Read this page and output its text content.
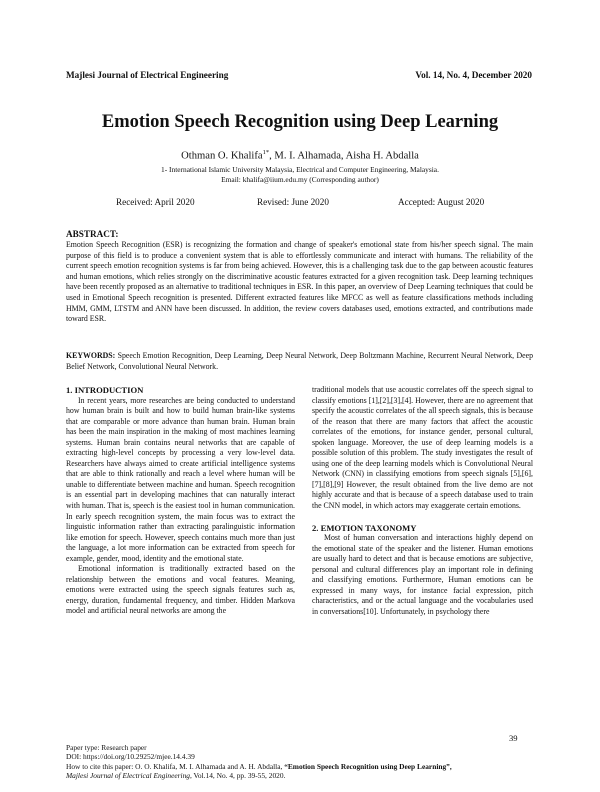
Majlesi Journal of Electrical Engineering	Vol. 14, No. 4, December 2020
Emotion Speech Recognition using Deep Learning
Othman O. Khalifa$^{1*}$, M. I. Alhamada, Aisha H. Abdalla
1- International Islamic University Malaysia, Electrical and Computer Engineering, Malaysia.
Email: khalifa@iium.edu.my (Corresponding author)
Received: April 2020	Revised: June 2020	Accepted: August 2020
ABSTRACT:
Emotion Speech Recognition (ESR) is recognizing the formation and change of speaker's emotional state from his/her speech signal. The main purpose of this field is to produce a convenient system that is able to effortlessly communicate and interact with humans. The reliability of the current speech emotion recognition systems is far from being achieved. However, this is a challenging task due to the gap between acoustic features and human emotions, which relies strongly on the discriminative acoustic features extracted for a given recognition task. Deep learning techniques have been recently proposed as an alternative to traditional techniques in ESR. In this paper, an overview of Deep Learning techniques that could be used in Emotional Speech recognition is presented. Different extracted features like MFCC as well as feature classifications methods including HMM, GMM, LTSTM and ANN have been discussed. In addition, the review covers databases used, emotions extracted, and contributions made toward ESR.
KEYWORDS: Speech Emotion Recognition, Deep Learning, Deep Neural Network, Deep Boltzmann Machine, Recurrent Neural Network, Deep Belief Network, Convolutional Neural Network.
1. INTRODUCTION

In recent years, more researches are being conducted to understand how human brain is built and how to build human brain-like systems that are comparable or more advance than human brain. Human brain has been the main inspiration in the making of most machines learning systems. Human brain contains neural networks that are capable of extracting high-level concepts by processing a very low-level data. Researchers have always aimed to create artificial intelligence systems that are able to think rationally and reach a level where human will be unable to differentiate between machine and human. Speech recognition is an essential part in developing machines that can naturally interact with human. That is, speech is the easiest tool in human communication. In early speech recognition system, the main focus was to extract the linguistic information rather than extracting paralinguistic information like emotion for speech. However, speech contains much more than just the language, a lot more information can be extracted from speech for example, gender, mood, identity and the emotional state.

Emotional information is traditionally extracted based on the relationship between the emotions and vocal features. Meaning, emotions were extracted using the speech signals features such as, energy, duration, fundamental frequency, and timber. Hidden Markova model and artificial neural networks are among the

traditional models that use acoustic correlates off the speech signal to classify emotions [1],[2],[3],[4]. However, there are no agreement that specify the acoustic correlates of the all speech signals, this is because of the reason that there are many factors that affect the acoustic correlates of the emotions, for instance gender, personal cultural, spoken language. Moreover, the use of deep learning models is a possible solution of this problem. The study investigates the result of using one of the deep learning models which is Convolutional Neural Network (CNN) in classifying emotions from speech signals [5],[6],[7],[8],[9] However, the result obtained from the live demo are not highly accurate and that is because of a speech database used to train the CNN model, in which actors may exaggerate certain emotions.

2. EMOTION TAXONOMY

Most of human conversation and interactions highly depend on the emotional state of the speaker and the listener. Human emotions are usually hard to detect and that is because emotions are subjective, personal and cultural differences play an important role in defining and classifying emotions. Furthermore, Human emotions can be expressed in many ways, for instance facial expression, pitch characteristics, and or the actual language and the vocabularies used in conversations[10]. Unfortunately, in psychology there

39
Paper type: Research paper
DOI: https://doi.org/10.29252/mjee.14.4.39
How to cite this paper: O. O. Khalifa, M. I. Alhamada and A. H. Abdalla, “Emotion Speech Recognition using Deep Learning”,
Majlesi Journal of Electrical Engineering, Vol.14, No. 4, pp. 39-55, 2020.
